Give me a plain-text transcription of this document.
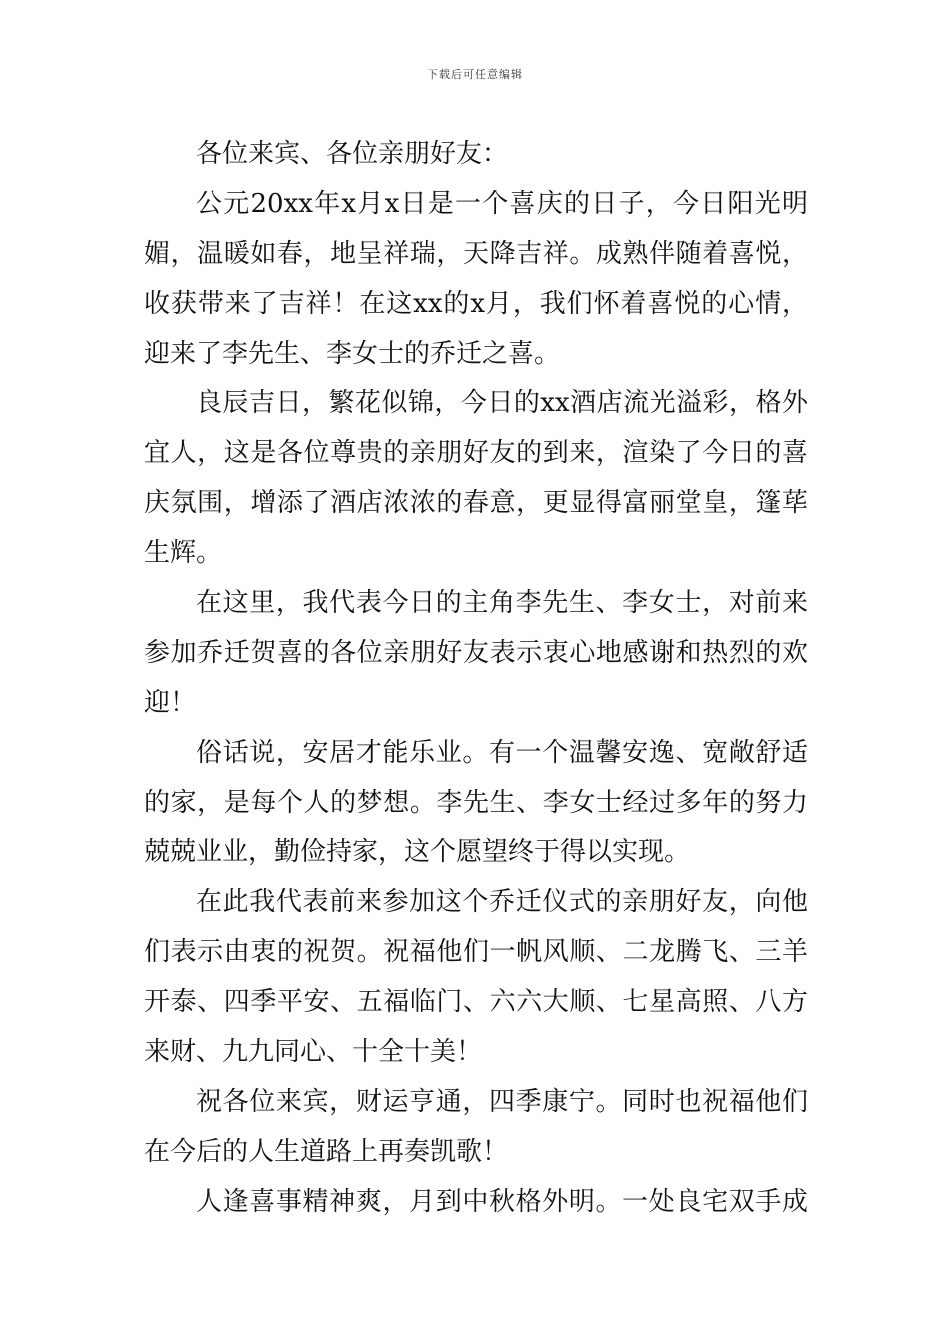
下载后可任意编辑
各位来宾、各位亲朋好友：
公元20xx年x月x日是一个喜庆的日子，今日阳光明
媚，温暖如春，地呈祥瑞，天降吉祥。成熟伴随着喜悦，
收获带来了吉祥！在这xx的x月，我们怀着喜悦的心情，
迎来了李先生、李女士的乔迁之喜。
良辰吉日，繁花似锦，今日的xx酒店流光溢彩，格外
宜人，这是各位尊贵的亲朋好友的到来，渲染了今日的喜
庆氛围，增添了酒店浓浓的春意，更显得富丽堂皇，篷荜
生辉。
在这里，我代表今日的主角李先生、李女士，对前来
参加乔迁贺喜的各位亲朋好友表示衷心地感谢和热烈的欢
迎！
俗话说，安居才能乐业。有一个温馨安逸、宽敞舒适
的家，是每个人的梦想。李先生、李女士经过多年的努力
兢兢业业，勤俭持家，这个愿望终于得以实现。
在此我代表前来参加这个乔迁仪式的亲朋好友，向他
们表示由衷的祝贺。祝福他们一帆风顺、二龙腾飞、三羊
开泰、四季平安、五福临门、六六大顺、七星高照、八方
来财、九九同心、十全十美！
祝各位来宾，财运亨通，四季康宁。同时也祝福他们
在今后的人生道路上再奏凯歌！
人逢喜事精神爽，月到中秋格外明。一处良宅双手成
